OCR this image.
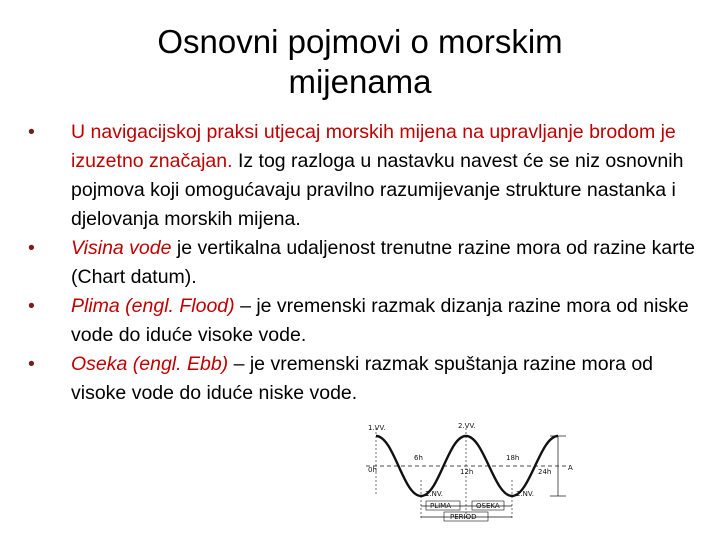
Osnovni pojmovi o morskim mijenama
• U navigacijskoj praksi utjecaj morskih mijena na upravljanje brodom je izuzetno značajan. Iz tog razloga u nastavku navest će se niz osnovnih pojmova koji omogućavaju pravilno razumijevanje strukture nastanka i djelovanja morskih mijena.
• Visina vode je vertikalna udaljenost trenutne razine mora od razine karte (Chart datum).
• Plima (engl. Flood) – je vremenski razmak dizanja razine mora od niske vode do iduće visoke vode.
• Oseka (engl. Ebb) – je vremenski razmak spuštanja razine mora od visoke vode do iduće niske vode.
1.VV.	2.VV.
6h
0h	12h
18h
24h A
1.NV.	2.NV.
PLIMA	OSEKA
PERIOD
